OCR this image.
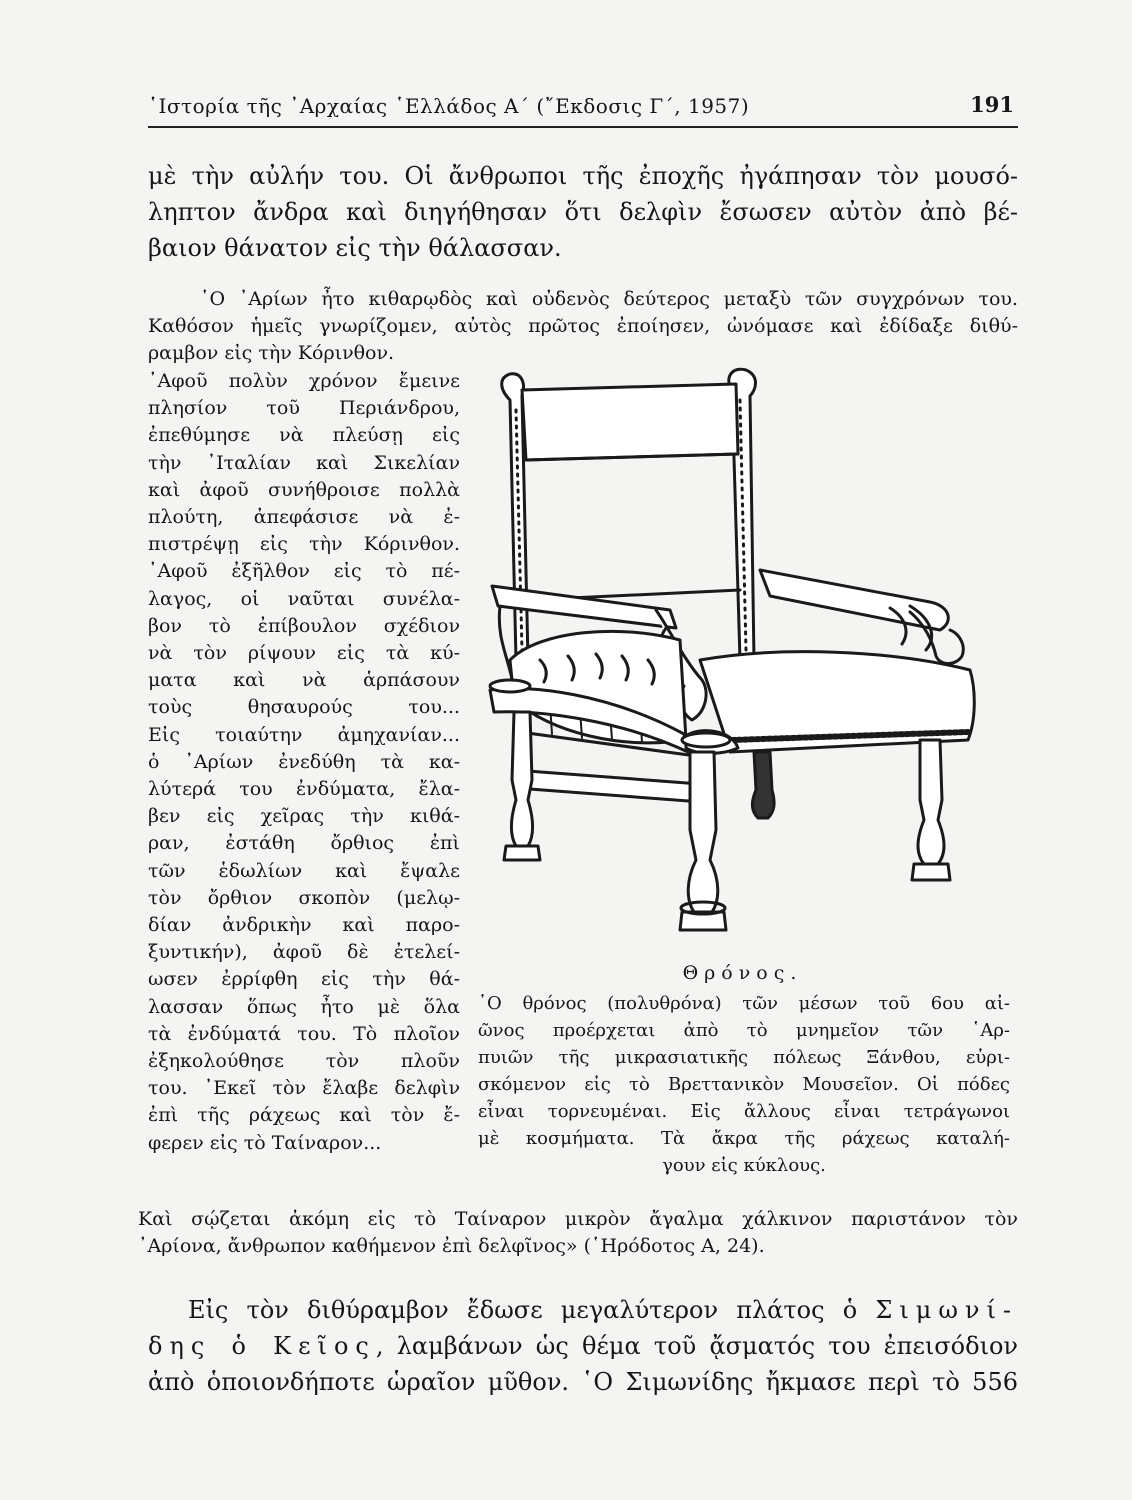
῾Ιστορία τῆς ᾿Αρχαίας ῾Ελλάδος Α΄ (῎Εκδοσις Γ΄, 1957)	191

μὲ τὴν αὐλήν του. Οἱ ἄνθρωποι τῆς ἐποχῆς ἠγάπησαν τὸν μουσό-
ληπτον ἄνδρα καὶ διηγήθησαν ὅτι δελφὶν ἔσωσεν αὐτὸν ἀπὸ βέ-
βαιον θάνατον εἰς τὴν θάλασσαν.

῾Ο ᾿Αρίων ἦτο κιθαρῳδὸς καὶ οὐδενὸς δεύτερος μεταξὺ τῶν συγχρόνων του.
Καθόσον ἡμεῖς γνωρίζομεν, αὐτὸς πρῶτος ἐποίησεν, ὠνόμασε καὶ ἐδίδαξε διθύ-
ραμβον εἰς τὴν Κόρινθον.

᾿Αφοῦ πολὺν χρόνον ἔμεινε
πλησίον τοῦ Περιάνδρου,
ἐπεθύμησε νὰ πλεύσῃ εἰς
τὴν ᾿Ιταλίαν καὶ Σικελίαν
καὶ ἀφοῦ συνήθροισε πολλὰ
πλούτη, ἀπεφάσισε νὰ ἐ-
πιστρέψῃ εἰς τὴν Κόρινθον.
᾿Αφοῦ ἐξῆλθον εἰς τὸ πέ-
λαγος, οἱ ναῦται συνέλα-
βον τὸ ἐπίβουλον σχέδιον
νὰ τὸν ρίψουν εἰς τὰ κύ-
ματα καὶ νὰ ἁρπάσουν
τοὺς θησαυρούς του...
Εἰς τοιαύτην ἀμηχανίαν...
ὁ ᾿Αρίων ἐνεδύθη τὰ κα-
λύτερά του ἐνδύματα, ἔλα-
βεν εἰς χεῖρας τὴν κιθά-
ραν, ἐστάθη ὄρθιος ἐπὶ
τῶν ἑδωλίων καὶ ἔψαλε
τὸν ὄρθιον σκοπὸν (μελῳ-
δίαν ἀνδρικὴν καὶ παρο-
ξυντικήν), ἀφοῦ δὲ ἐτελεί-
ωσεν ἐρρίφθη εἰς τὴν θά-
λασσαν ὅπως ἦτο μὲ ὅλα
τὰ ἐνδύματά του. Τὸ πλοῖον
ἐξηκολούθησε τὸν πλοῦν
του. ᾿Εκεῖ τὸν ἔλαβε δελφὶν
ἐπὶ τῆς ράχεως καὶ τὸν ἔ-
φερεν εἰς τὸ Ταίναρον...

Θρόνος.

῾Ο θρόνος (πολυθρόνα) τῶν μέσων τοῦ 6ου αἰ-
ῶνος προέρχεται ἀπὸ τὸ μνημεῖον τῶν ῾Αρ-
πυιῶν τῆς μικρασιατικῆς πόλεως Ξάνθου, εὑρι-
σκόμενον εἰς τὸ Βρεττανικὸν Μουσεῖον. Οἱ πόδες
εἶναι τορνευμέναι. Εἰς ἄλλους εἶναι τετράγωνοι
μὲ κοσμήματα. Τὰ ἄκρα τῆς ράχεως καταλή-
γουν εἰς κύκλους.

Καὶ σῴζεται ἀκόμη εἰς τὸ Ταίναρον μικρὸν ἄγαλμα χάλκινον παριστάνον τὸν
᾿Αρίονα, ἄνθρωπον καθήμενον ἐπὶ δελφῖνος» (῾Ηρόδοτος Α, 24).

Εἰς τὸν διθύραμβον ἔδωσε μεγαλύτερον πλάτος ὁ Σιμωνί-
δης ὁ Κεῖος, λαμβάνων ὡς θέμα τοῦ ᾄσματός του ἐπεισόδιον
ἀπὸ ὁποιονδήποτε ὡραῖον μῦθον. ῾Ο Σιμωνίδης ἤκμασε περὶ τὸ 556
